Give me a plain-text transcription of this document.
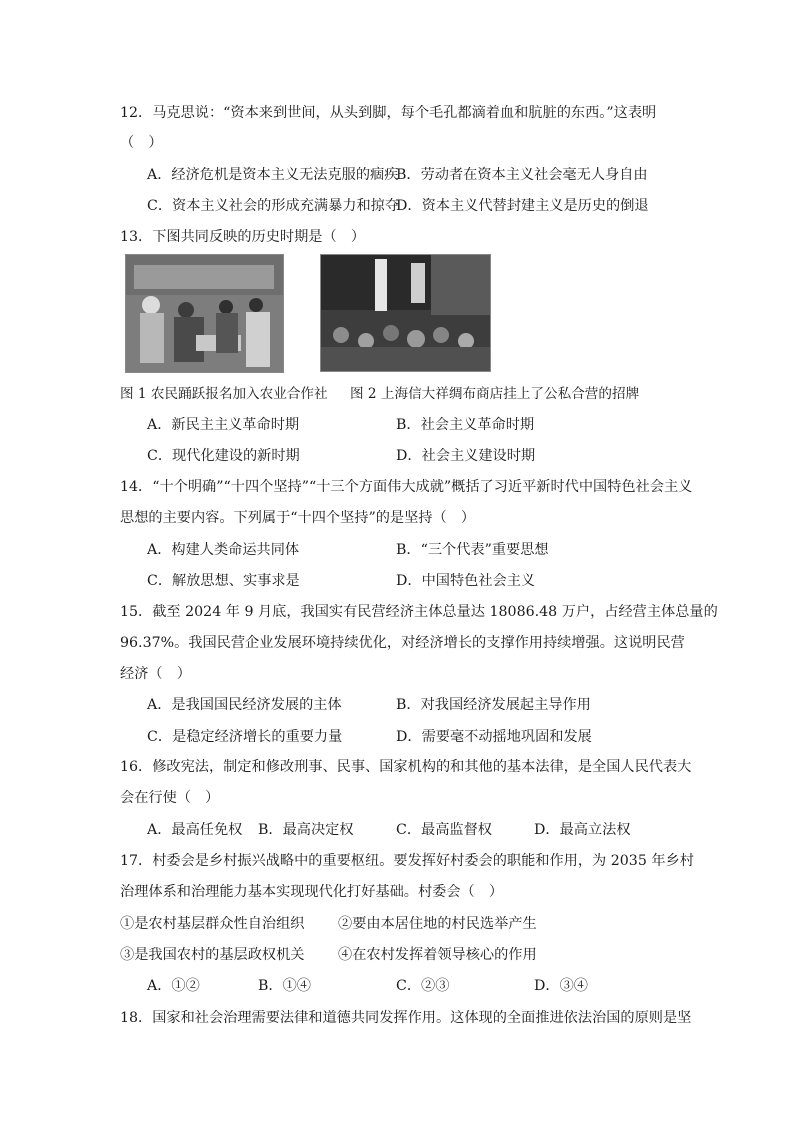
12．马克思说：“资本来到世间，从头到脚，每个毛孔都滴着血和肮脏的东西。”这表明
（　）
A．经济危机是资本主义无法克服的痼疾
B．劳动者在资本主义社会毫无人身自由
C．资本主义社会的形成充满暴力和掠夺
D．资本主义代替封建主义是历史的倒退
13．下图共同反映的历史时期是（　）
图 1 农民踊跃报名加入农业合作社 图 2 上海信大祥绸布商店挂上了公私合营的招牌
A．新民主主义革命时期	B．社会主义革命时期
C．现代化建设的新时期	D．社会主义建设时期
14．“十个明确”“十四个坚持”“十三个方面伟大成就”概括了习近平新时代中国特色社会主义
思想的主要内容。下列属于“十四个坚持”的是坚持（　）
A．构建人类命运共同体	B．“三个代表”重要思想
C．解放思想、实事求是	D．中国特色社会主义
15．截至 2024 年 9 月底，我国实有民营经济主体总量达 18086.48 万户，占经营主体总量的
96.37%。我国民营企业发展环境持续优化，对经济增长的支撑作用持续增强。这说明民营
经济（　）
A．是我国国民经济发展的主体	B．对我国经济发展起主导作用
C．是稳定经济增长的重要力量	D．需要毫不动摇地巩固和发展
16．修改宪法，制定和修改刑事、民事、国家机构的和其他的基本法律，是全国人民代表大
会在行使（　）
A．最高任免权 B．最高决定权	C．最高监督权	D．最高立法权
17．村委会是乡村振兴战略中的重要枢纽。要发挥好村委会的职能和作用，为 2035 年乡村
治理体系和治理能力基本实现现代化打好基础。村委会（　）
①是农村基层群众性自治组织 ②要由本居住地的村民选举产生
③是我国农村的基层政权机关 ④在农村发挥着领导核心的作用
A．①②	B．①④	C．②③	D．③④
18．国家和社会治理需要法律和道德共同发挥作用。这体现的全面推进依法治国的原则是坚
